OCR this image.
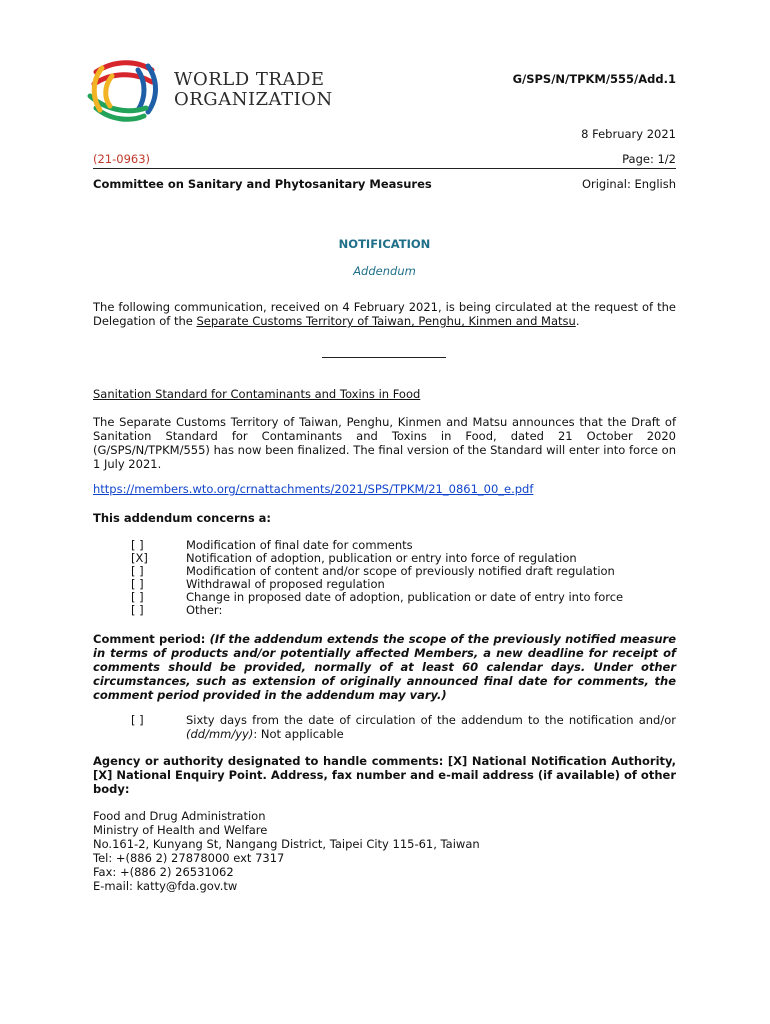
WORLD TRADE
ORGANIZATION
G/SPS/N/TPKM/555/Add.1
8 February 2021
(21-0963)	Page: 1/2
Committee on Sanitary and Phytosanitary Measures	Original: English
NOTIFICATION
Addendum
The following communication, received on 4 February 2021, is being circulated at the request of the Delegation of the Separate Customs Territory of Taiwan, Penghu, Kinmen and Matsu.
Sanitation Standard for Contaminants and Toxins in Food
The Separate Customs Territory of Taiwan, Penghu, Kinmen and Matsu announces that the Draft of Sanitation Standard for Contaminants and Toxins in Food, dated 21 October 2020 (G/SPS/N/TPKM/555) has now been finalized. The final version of the Standard will enter into force on 1 July 2021.
https://members.wto.org/crnattachments/2021/SPS/TPKM/21_0861_00_e.pdf
This addendum concerns a:
[ ]	Modification of final date for comments
[X]	Notification of adoption, publication or entry into force of regulation
[ ]	Modification of content and/or scope of previously notified draft regulation
[ ]	Withdrawal of proposed regulation
[ ]	Change in proposed date of adoption, publication or date of entry into force
[ ]	Other:
Comment period: (If the addendum extends the scope of the previously notified measure in terms of products and/or potentially affected Members, a new deadline for receipt of comments should be provided, normally of at least 60 calendar days. Under other circumstances, such as extension of originally announced final date for comments, the comment period provided in the addendum may vary.)
[ ]	Sixty days from the date of circulation of the addendum to the notification and/or (dd/mm/yy): Not applicable
Agency or authority designated to handle comments: [X] National Notification Authority, [X] National Enquiry Point. Address, fax number and e-mail address (if available) of other body:
Food and Drug Administration
Ministry of Health and Welfare
No.161-2, Kunyang St, Nangang District, Taipei City 115-61, Taiwan
Tel: +(886 2) 27878000 ext 7317
Fax: +(886 2) 26531062
E-mail: katty@fda.gov.tw
